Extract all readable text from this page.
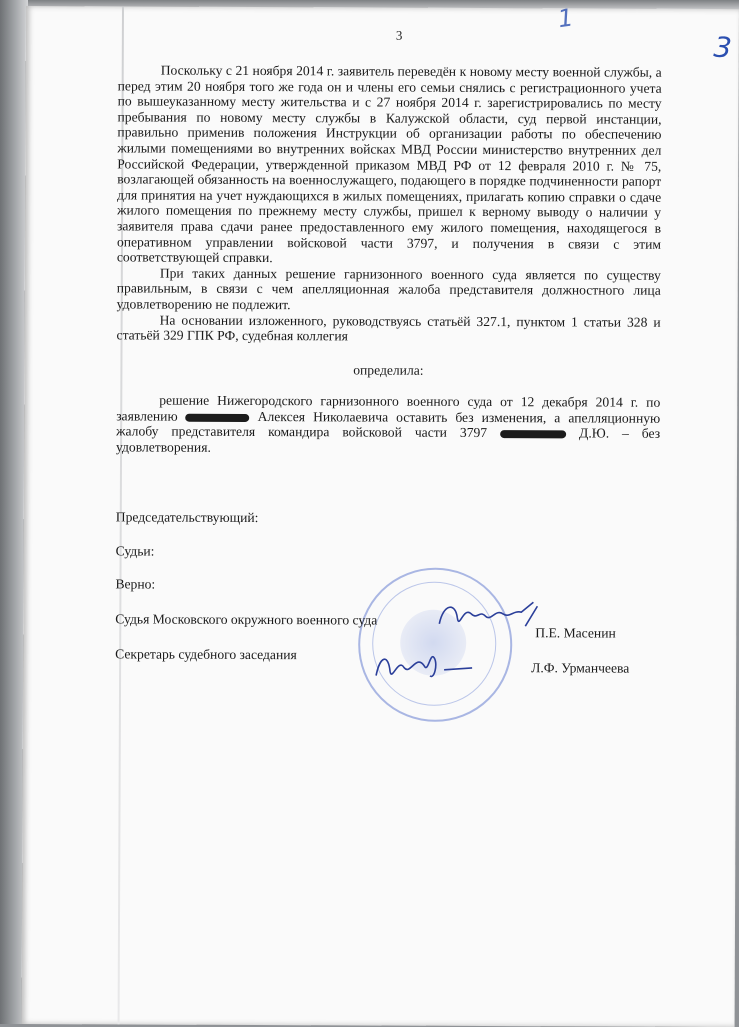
3
1
3

Поскольку с 21 ноября 2014 г. заявитель переведён к новому месту военной службы, а перед этим 20 ноября того же года он и члены его семьи снялись с регистрационного учета по вышеуказанному месту жительства и с 27 ноября 2014 г. зарегистрировались по месту пребывания по новому месту службы в Калужской области, суд первой инстанции, правильно применив положения Инструкции об организации работы по обеспечению жилыми помещениями во внутренних войсках МВД России министерство внутренних дел Российской Федерации, утвержденной приказом МВД РФ от 12 февраля 2010 г. № 75, возлагающей обязанность на военнослужащего, подающего в порядке подчиненности рапорт для принятия на учет нуждающихся в жилых помещениях, прилагать копию справки о сдаче жилого помещения по прежнему месту службы, пришел к верному выводу о наличии у заявителя права сдачи ранее предоставленного ему жилого помещения, находящегося в оперативном управлении войсковой части 3797, и получения в связи с этим соответствующей справки.

При таких данных решение гарнизонного военного суда является по существу правильным, в связи с чем апелляционная жалоба представителя должностного лица удовлетворению не подлежит.

На основании изложенного, руководствуясь статьёй 327.1, пунктом 1 статьи 328 и статьёй 329 ГПК РФ, судебная коллегия

определила:

решение Нижегородского гарнизонного военного суда от 12 декабря 2014 г. по заявлению	Алексея Николаевича оставить без изменения, а апелляционную жалобу представителя командира войсковой части 3797	Д.Ю. – без удовлетворения.

Председательствующий:
Судьи:
Верно:
Судья Московского окружного военного суда
П.Е. Масенин
Секретарь судебного заседания
Л.Ф. Урманчеева
